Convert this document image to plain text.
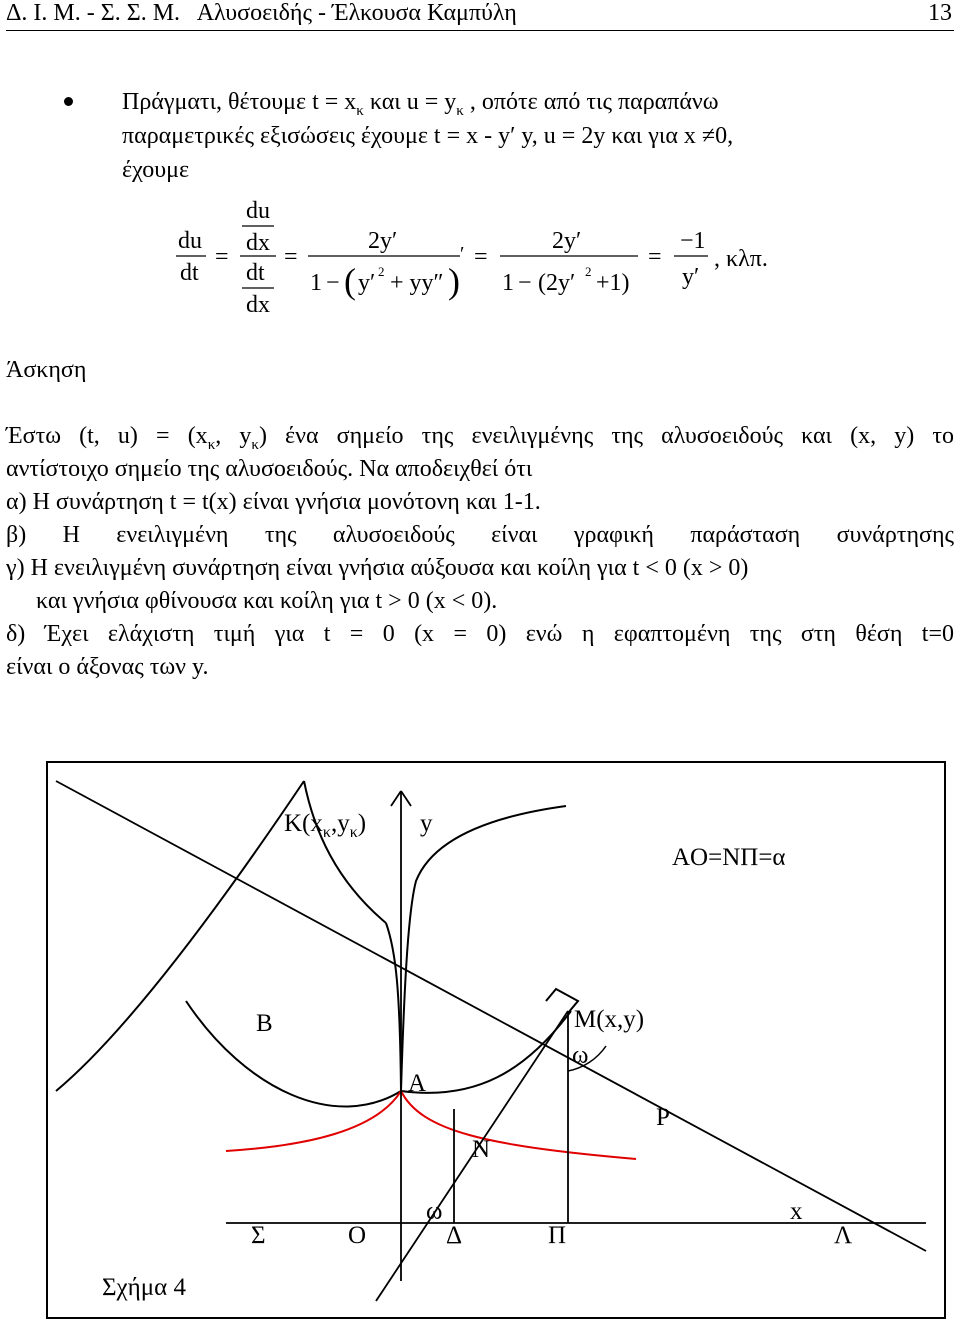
Δ. Ι. Μ. - Σ. Σ. Μ.   Αλυσοειδής - Έλκουσα Καμπύλη	13
Πράγματι, θέτουμε $t = x_\kappa$ και $u = y_\kappa$ , οπότε από τις παραπάνω
παραμετρικές εξισώσεις έχουμε t = x - y′ y, u = 2y και για x ≠0,
έχουμε
du
dt
=
du
dx
dt
dx
=
2y′
1 − ( y′ 2 + yy″ )
′ =
2y′
1 − (2y′ 2 +1)
=
−1
y′
, κλπ.
Άσκηση
Έστω (t, $u) = (x_\kappa$, $y_\kappa$) ένα σημείο της ενειλιγμένης της αλυσοειδούς και (x, y) το
αντίστοιχο σημείο της αλυσοειδούς. Να αποδειχθεί ότι
α) Η συνάρτηση t = t(x) είναι γνήσια μονότονη και 1-1.
β) Η ενειλιγμένη της αλυσοειδούς είναι γραφική παράσταση συνάρτησης
γ) Η ενειλιγμένη συνάρτηση είναι γνήσια αύξουσα και κοίλη για t < 0 (x > 0)
και γνήσια φθίνουσα και κοίλη για t > 0 (x < 0).
δ) Έχει ελάχιστη τιμή για t = 0 (x = 0) ενώ η εφαπτομένη της στη θέση t=0
είναι ο άξονας των y.
$K(x_\kappa,y_\kappa)$ y
AO=NΠ=α
B	M(x,y)
ω
A
P
N
ω	x
Σ	O	Δ	Π	Λ
Σχήμα 4
